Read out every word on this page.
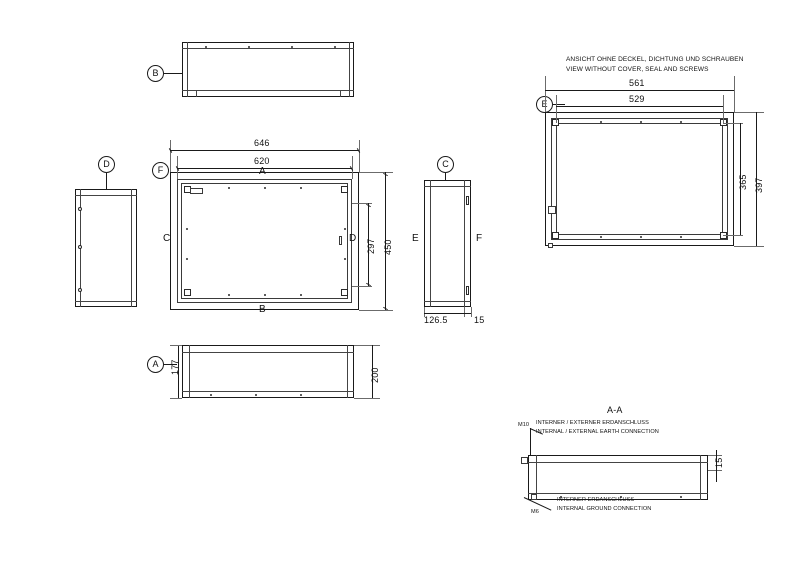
B
D
F	A
B
C	D
646
620
450
297
C
E	F
126.5	15
ANSICHT OHNE DECKEL, DICHTUNG UND SCHRAUBEN
VIEW WITHOUT COVER, SEAL AND SCREWS
E
561
529
397
365
A	177
200
A-A
M10 INTERNER / EXTERNER ERDANSCHLUSS
INTERNAL / EXTERNAL EARTH CONNECTION
M6
INTERNER ERDANSCHLUSS
INTERNAL GROUND CONNECTION
15
